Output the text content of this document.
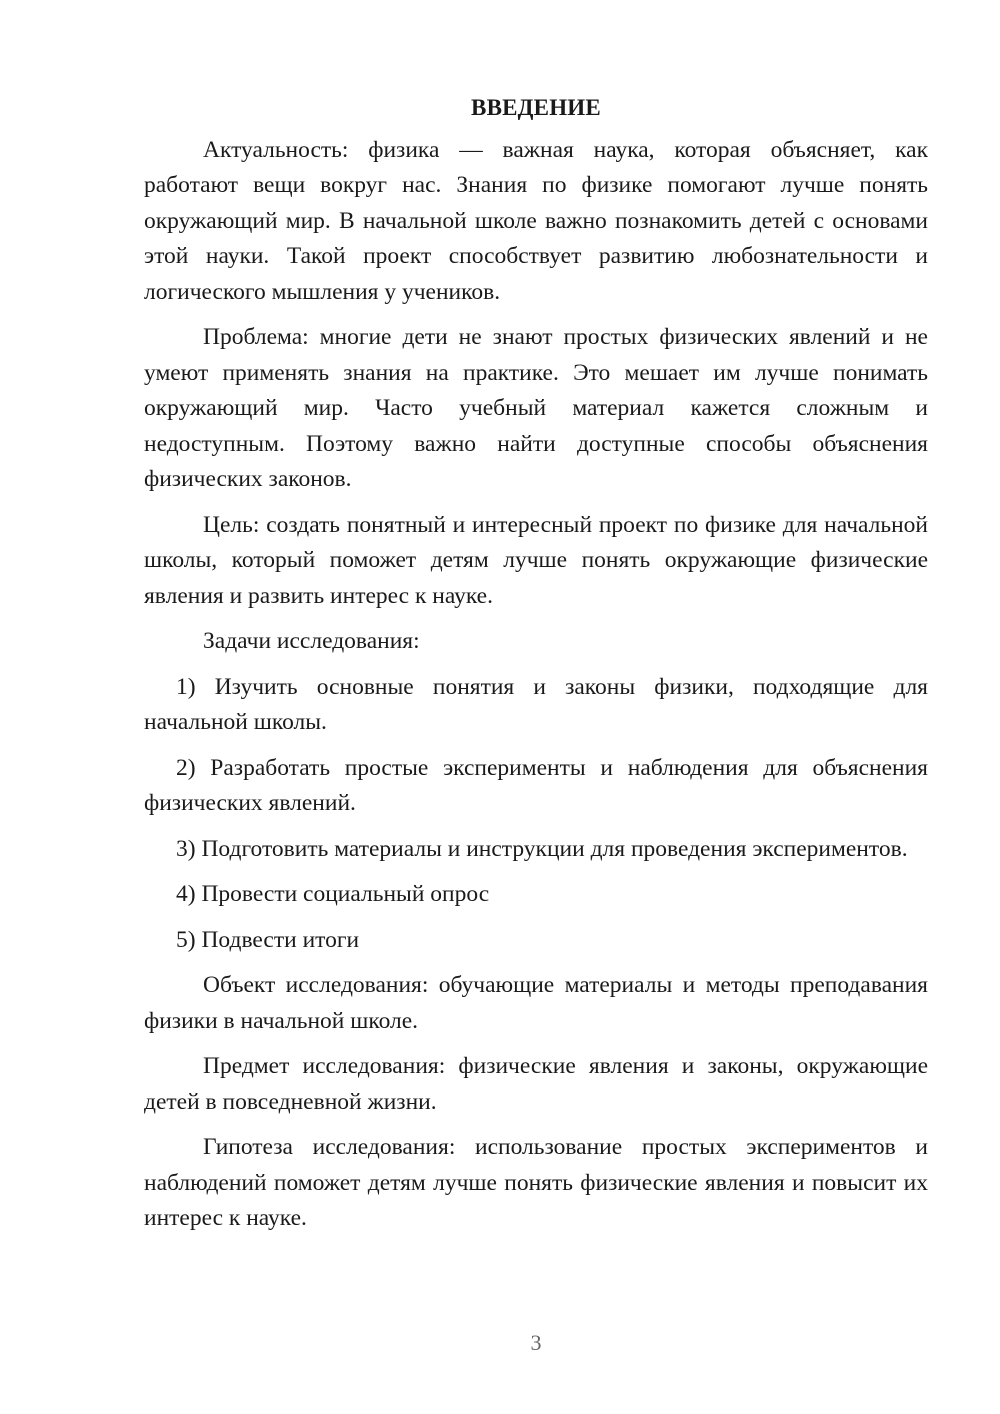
ВВЕДЕНИЕ

Актуальность: физика — важная наука, которая объясняет, как работают вещи вокруг нас. Знания по физике помогают лучше понять окружающий мир. В начальной школе важно познакомить детей с основами этой науки. Такой проект способствует развитию любознательности и логического мышления у учеников.

Проблема: многие дети не знают простых физических явлений и не умеют применять знания на практике. Это мешает им лучше понимать окружающий мир. Часто учебный материал кажется сложным и недоступным. Поэтому важно найти доступные способы объяснения физических законов.

Цель: создать понятный и интересный проект по физике для начальной школы, который поможет детям лучше понять окружающие физические явления и развить интерес к науке.

Задачи исследования:

1) Изучить основные понятия и законы физики, подходящие для начальной школы.

2) Разработать простые эксперименты и наблюдения для объяснения физических явлений.

3) Подготовить материалы и инструкции для проведения экспериментов.

4) Провести социальный опрос

5) Подвести итоги

Объект исследования: обучающие материалы и методы преподавания физики в начальной школе.

Предмет исследования: физические явления и законы, окружающие детей в повседневной жизни.

Гипотеза исследования: использование простых экспериментов и наблюдений поможет детям лучше понять физические явления и повысит их интерес к науке.

3
